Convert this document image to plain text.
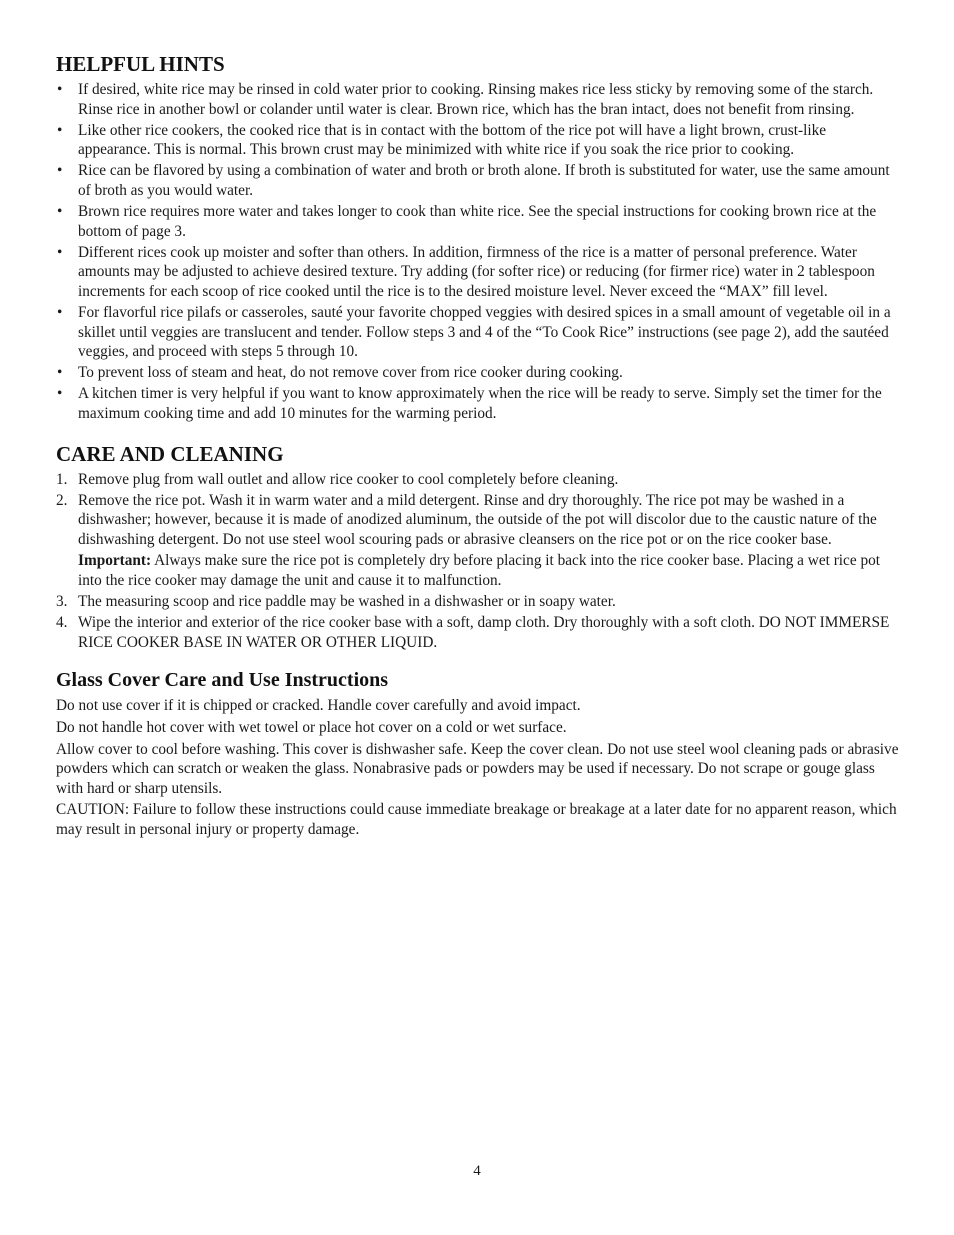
HELPFUL HINTS
• If desired, white rice may be rinsed in cold water prior to cooking. Rinsing makes rice less sticky by removing some of the starch. Rinse rice in another bowl or colander until water is clear. Brown rice, which has the bran intact, does not benefit from rinsing.
• Like other rice cookers, the cooked rice that is in contact with the bottom of the rice pot will have a light brown, crust-like appearance. This is normal. This brown crust may be minimized with white rice if you soak the rice prior to cooking.
• Rice can be flavored by using a combination of water and broth or broth alone. If broth is substituted for water, use the same amount of broth as you would water.
• Brown rice requires more water and takes longer to cook than white rice. See the special instructions for cooking brown rice at the bottom of page 3.
• Different rices cook up moister and softer than others. In addition, firmness of the rice is a matter of personal preference. Water amounts may be adjusted to achieve desired texture. Try adding (for softer rice) or reducing (for firmer rice) water in 2 tablespoon increments for each scoop of rice cooked until the rice is to the desired moisture level. Never exceed the “MAX” fill level.
• For flavorful rice pilafs or casseroles, sauté your favorite chopped veggies with desired spices in a small amount of vegetable oil in a skillet until veggies are translucent and tender. Follow steps 3 and 4 of the “To Cook Rice” instructions (see page 2), add the sautéed veggies, and proceed with steps 5 through 10.
• To prevent loss of steam and heat, do not remove cover from rice cooker during cooking.
• A kitchen timer is very helpful if you want to know approximately when the rice will be ready to serve. Simply set the timer for the maximum cooking time and add 10 minutes for the warming period.
CARE AND CLEANING
1. Remove plug from wall outlet and allow rice cooker to cool completely before cleaning.
2. Remove the rice pot. Wash it in warm water and a mild detergent. Rinse and dry thoroughly. The rice pot may be washed in a dishwasher; however, because it is made of anodized aluminum, the outside of the pot will discolor due to the caustic nature of the dishwashing detergent. Do not use steel wool scouring pads or abrasive cleansers on the rice pot or on the rice cooker base.

Important: Always make sure the rice pot is completely dry before placing it back into the rice cooker base. Placing a wet rice pot into the rice cooker may damage the unit and cause it to malfunction.

3. The measuring scoop and rice paddle may be washed in a dishwasher or in soapy water.
4. Wipe the interior and exterior of the rice cooker base with a soft, damp cloth. Dry thoroughly with a soft cloth. DO NOT IMMERSE RICE COOKER BASE IN WATER OR OTHER LIQUID.
Glass Cover Care and Use Instructions

Do not use cover if it is chipped or cracked. Handle cover carefully and avoid impact.

Do not handle hot cover with wet towel or place hot cover on a cold or wet surface.

Allow cover to cool before washing. This cover is dishwasher safe. Keep the cover clean. Do not use steel wool cleaning pads or abrasive powders which can scratch or weaken the glass. Nonabrasive pads or powders may be used if necessary. Do not scrape or gouge glass with hard or sharp utensils.

CAUTION: Failure to follow these instructions could cause immediate breakage or breakage at a later date for no apparent reason, which may result in personal injury or property damage.

4
